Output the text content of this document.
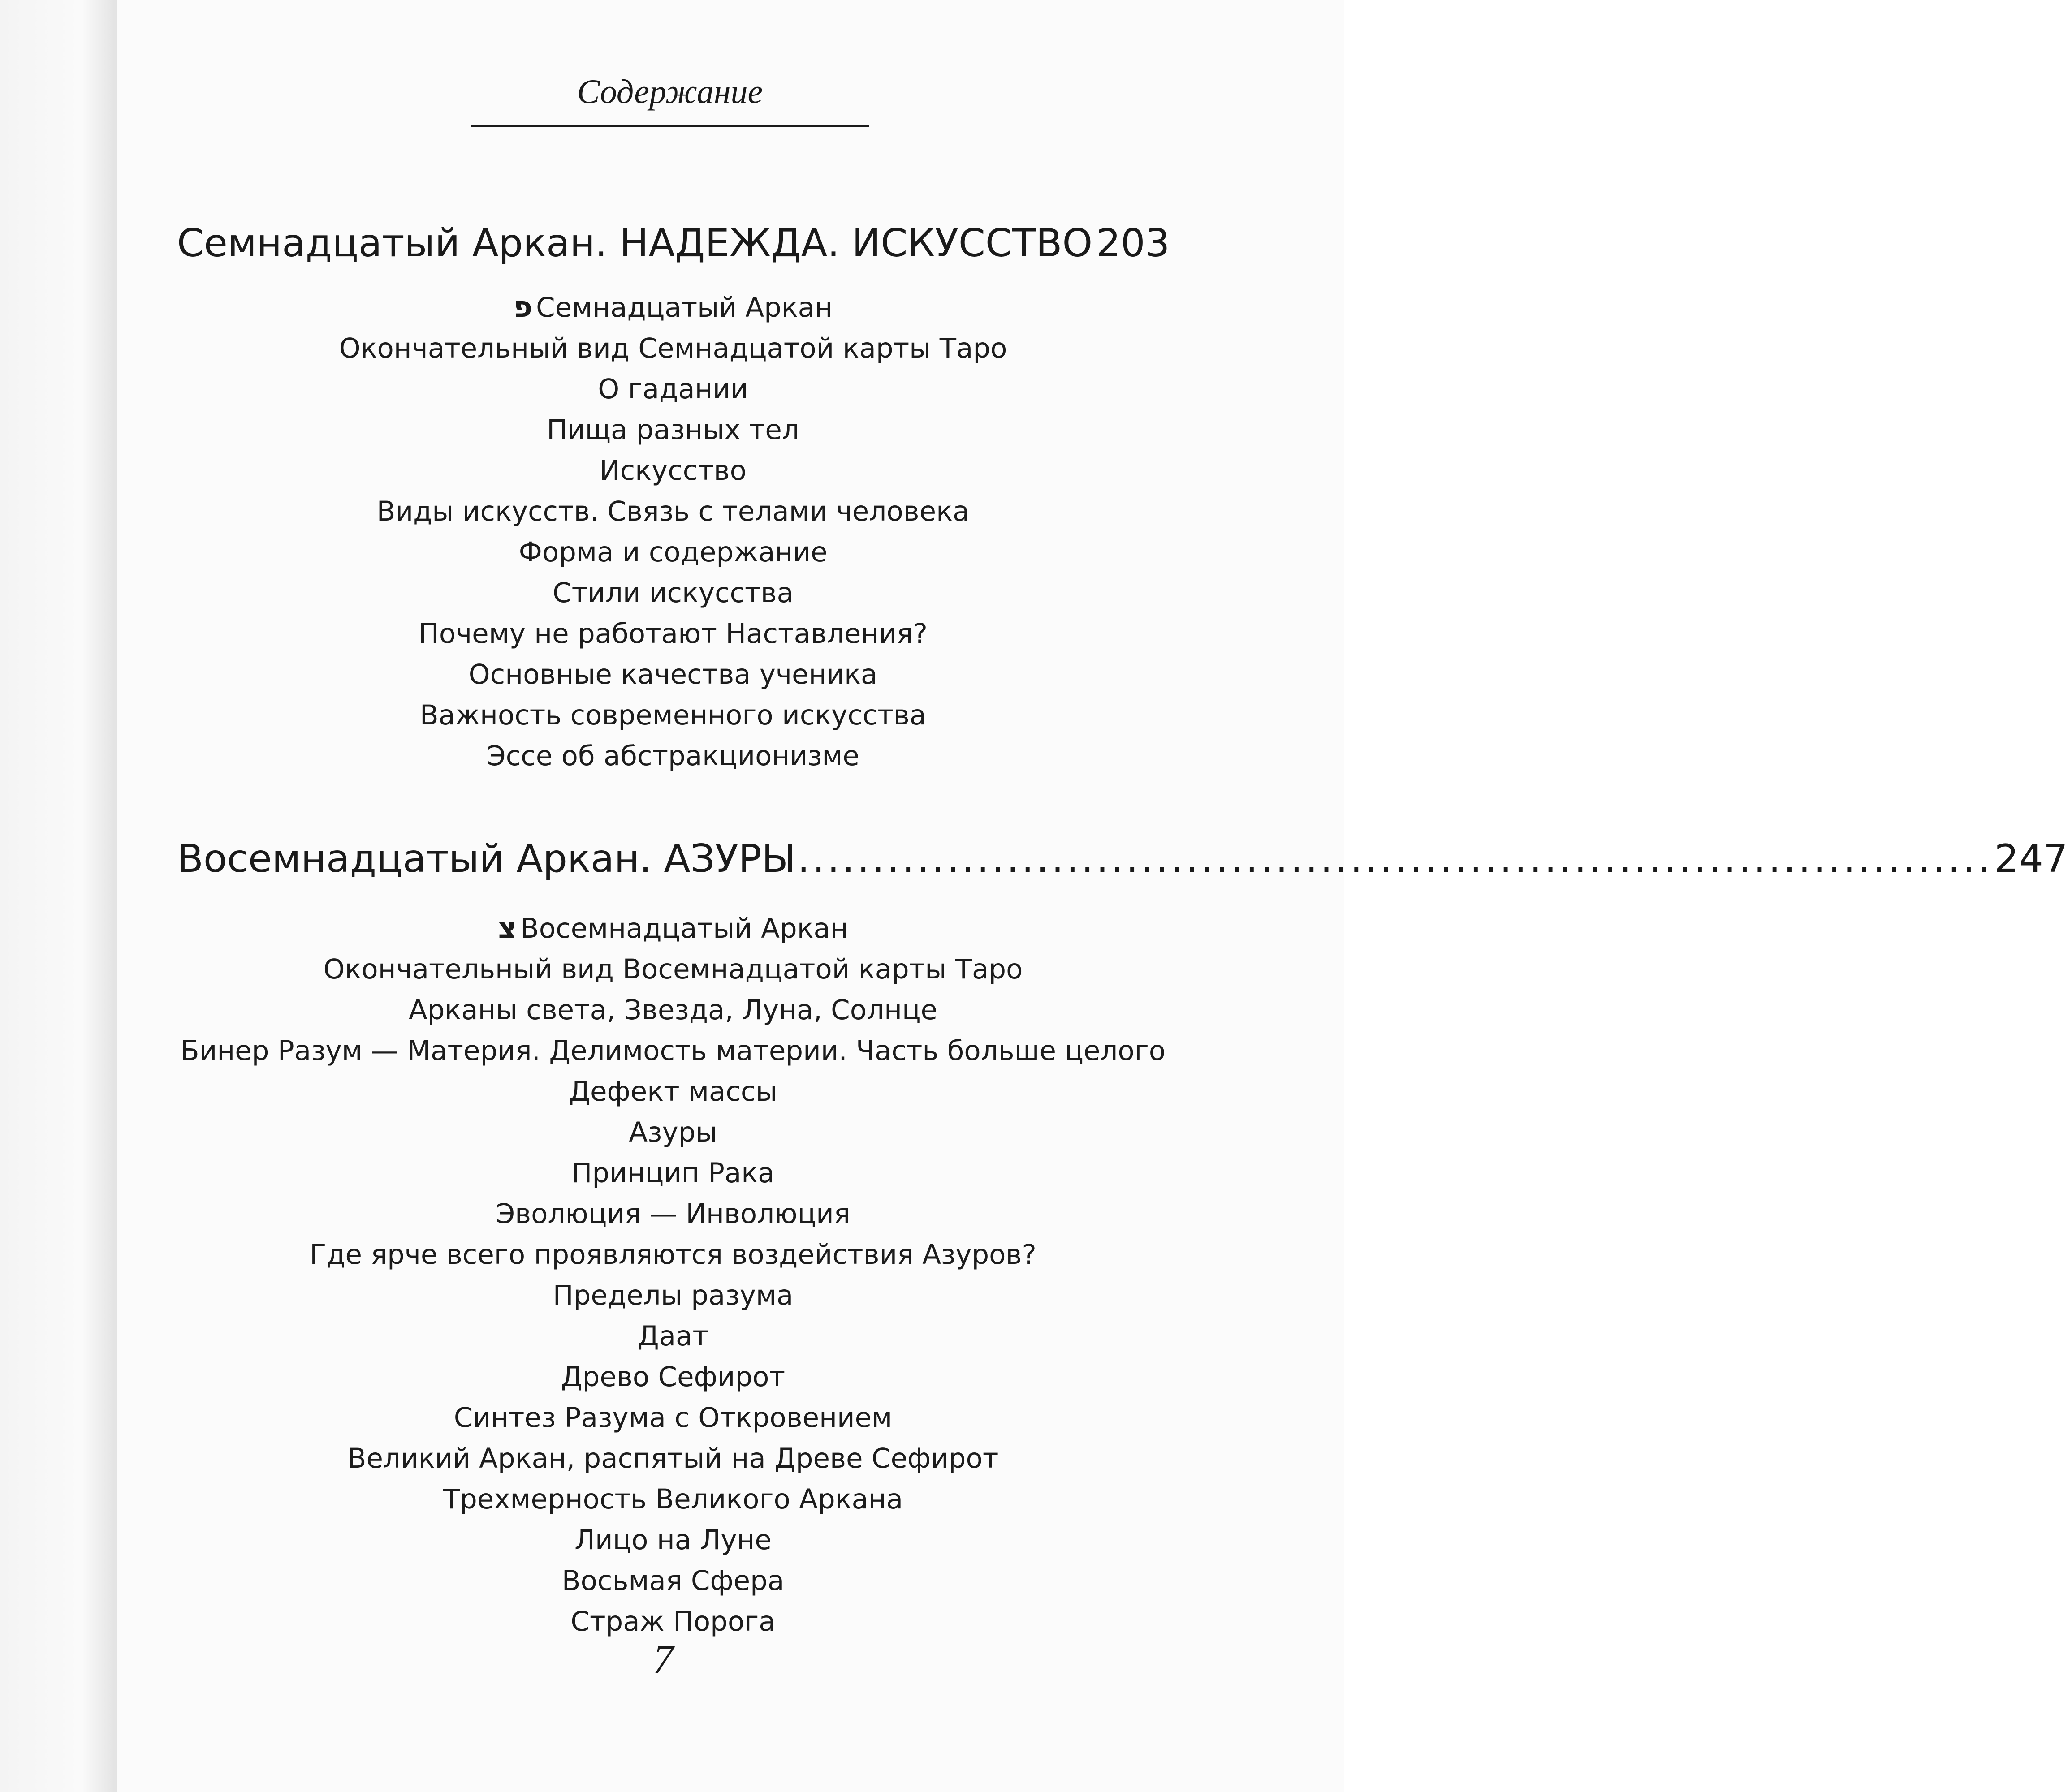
Содержание
Семнадцатый Аркан. НАДЕЖДА. ИСКУССТВО 203
פ Семнадцатый Аркан
Окончательный вид Семнадцатой карты Таро
О гадании
Пища разных тел
Искусство
Виды искусств. Связь с телами человека
Форма и содержание
Стили искусства
Почему не работают Наставления?
Основные качества ученика
Важность современного искусства
Эссе об абстракционизме
Восемнадцатый Аркан. АЗУРЫ ................................................................................ 247
צ Восемнадцатый Аркан
Окончательный вид Восемнадцатой карты Таро
Арканы света, Звезда, Луна, Солнце
Бинер Разум — Материя. Делимость материи. Часть больше целого
Дефект массы
Азуры
Принцип Рака
Эволюция — Инволюция
Где ярче всего проявляются воздействия Азуров?
Пределы разума
Даат
Древо Сефирот
Синтез Разума с Откровением
Великий Аркан, распятый на Древе Сефирот
Трехмерность Великого Аркана
Лицо на Луне
Восьмая Сфера
Страж Порога
7
